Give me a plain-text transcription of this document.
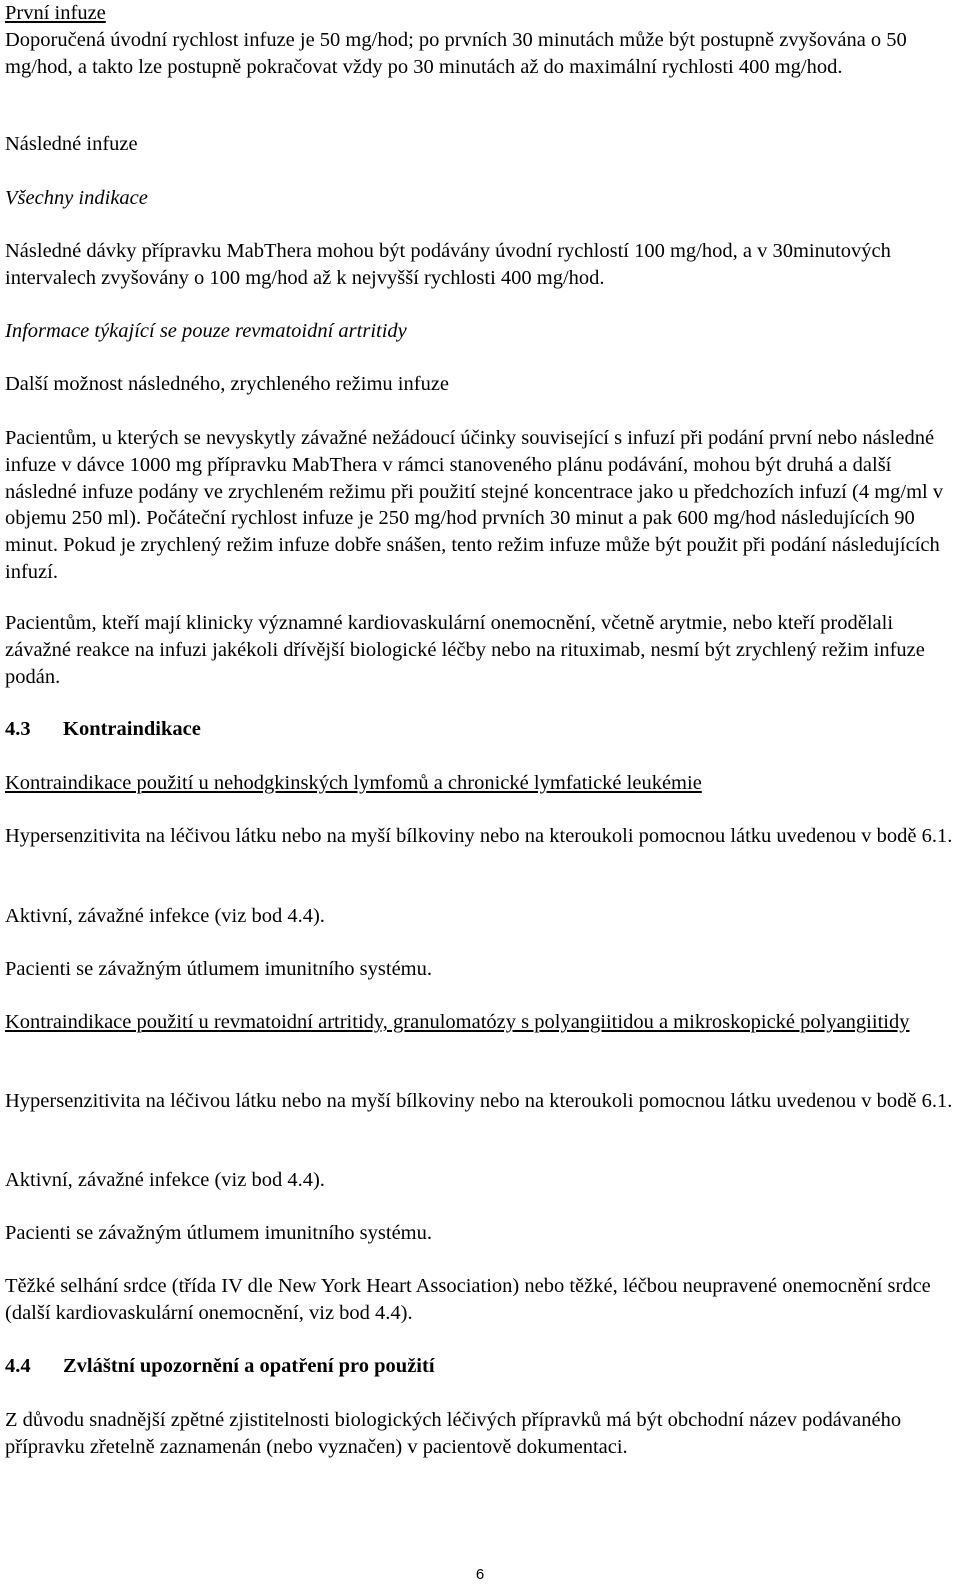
První infuze

Doporučená úvodní rychlost infuze je 50 mg/hod; po prvních 30 minutách může být postupně zvyšována o 50 mg/hod, a takto lze postupně pokračovat vždy po 30 minutách až do maximální rychlosti 400 mg/hod.

Následné infuze

Všechny indikace

Následné dávky přípravku MabThera mohou být podávány úvodní rychlostí 100 mg/hod, a v 30minutových intervalech zvyšovány o 100 mg/hod až k nejvyšší rychlosti 400 mg/hod.

Informace týkající se pouze revmatoidní artritidy

Další možnost následného, zrychleného režimu infuze

Pacientům, u kterých se nevyskytly závažné nežádoucí účinky související s infuzí při podání první nebo následné infuze v dávce 1000 mg přípravku MabThera v rámci stanoveného plánu podávání, mohou být druhá a další následné infuze podány ve zrychleném režimu při použití stejné koncentrace jako u předchozích infuzí (4 mg/ml v objemu 250 ml). Počáteční rychlost infuze je 250 mg/hod prvních 30 minut a pak 600 mg/hod následujících 90 minut. Pokud je zrychlený režim infuze dobře snášen, tento režim infuze může být použit při podání následujících infuzí.

Pacientům, kteří mají klinicky významné kardiovaskulární onemocnění, včetně arytmie, nebo kteří prodělali závažné reakce na infuzi jakékoli dřívější biologické léčby nebo na rituximab, nesmí být zrychlený režim infuze podán.

4.3 Kontraindikace

Kontraindikace použití u nehodgkinských lymfomů a chronické lymfatické leukémie

Hypersenzitivita na léčivou látku nebo na myší bílkoviny nebo na kteroukoli pomocnou látku uvedenou v bodě 6.1.

Aktivní, závažné infekce (viz bod 4.4).

Pacienti se závažným útlumem imunitního systému.

Kontraindikace použití u revmatoidní artritidy, granulomatózy s polyangiitidou a mikroskopické polyangiitidy

Hypersenzitivita na léčivou látku nebo na myší bílkoviny nebo na kteroukoli pomocnou látku uvedenou v bodě 6.1.

Aktivní, závažné infekce (viz bod 4.4).

Pacienti se závažným útlumem imunitního systému.

Těžké selhání srdce (třída IV dle New York Heart Association) nebo těžké, léčbou neupravené onemocnění srdce (další kardiovaskulární onemocnění, viz bod 4.4).

4.4 Zvláštní upozornění a opatření pro použití

Z důvodu snadnější zpětné zjistitelnosti biologických léčivých přípravků má být obchodní název podávaného přípravku zřetelně zaznamenán (nebo vyznačen) v pacientově dokumentaci.

6
